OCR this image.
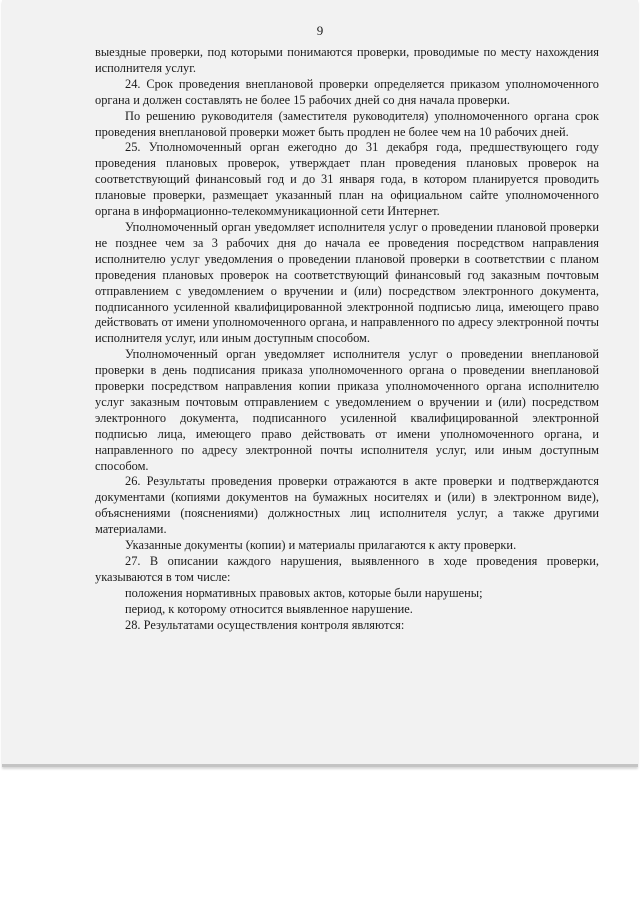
9

выездные проверки, под которыми понимаются проверки, проводимые по месту нахождения исполнителя услуг.

24. Срок проведения внеплановой проверки определяется приказом уполномоченного органа и должен составлять не более 15 рабочих дней со дня начала проверки.

По решению руководителя (заместителя руководителя) уполномоченного органа срок проведения внеплановой проверки может быть продлен не более чем на 10 рабочих дней.

25. Уполномоченный орган ежегодно до 31 декабря года, предшествующего году проведения плановых проверок, утверждает план проведения плановых проверок на соответствующий финансовый год и до 31 января года, в котором планируется проводить плановые проверки, размещает указанный план на официальном сайте уполномоченного органа в информационно-телекоммуникационной сети Интернет.

Уполномоченный орган уведомляет исполнителя услуг о проведении плановой проверки не позднее чем за 3 рабочих дня до начала ее проведения посредством направления исполнителю услуг уведомления о проведении плановой проверки в соответствии с планом проведения плановых проверок на соответствующий финансовый год заказным почтовым отправлением с уведомлением о вручении и (или) посредством электронного документа, подписанного усиленной квалифицированной электронной подписью лица, имеющего право действовать от имени уполномоченного органа, и направленного по адресу электронной почты исполнителя услуг, или иным доступным способом.

Уполномоченный орган уведомляет исполнителя услуг о проведении внеплановой проверки в день подписания приказа уполномоченного органа о проведении внеплановой проверки посредством направления копии приказа уполномоченного органа исполнителю услуг заказным почтовым отправлением с уведомлением о вручении и (или) посредством электронного документа, подписанного усиленной квалифицированной электронной подписью лица, имеющего право действовать от имени уполномоченного органа, и направленного по адресу электронной почты исполнителя услуг, или иным доступным способом.

26. Результаты проведения проверки отражаются в акте проверки и подтверждаются документами (копиями документов на бумажных носителях и (или) в электронном виде), объяснениями (пояснениями) должностных лиц исполнителя услуг, а также другими материалами.

Указанные документы (копии) и материалы прилагаются к акту проверки.

27. В описании каждого нарушения, выявленного в ходе проведения проверки, указываются в том числе:

положения нормативных правовых актов, которые были нарушены;

период, к которому относится выявленное нарушение.

28. Результатами осуществления контроля являются:
